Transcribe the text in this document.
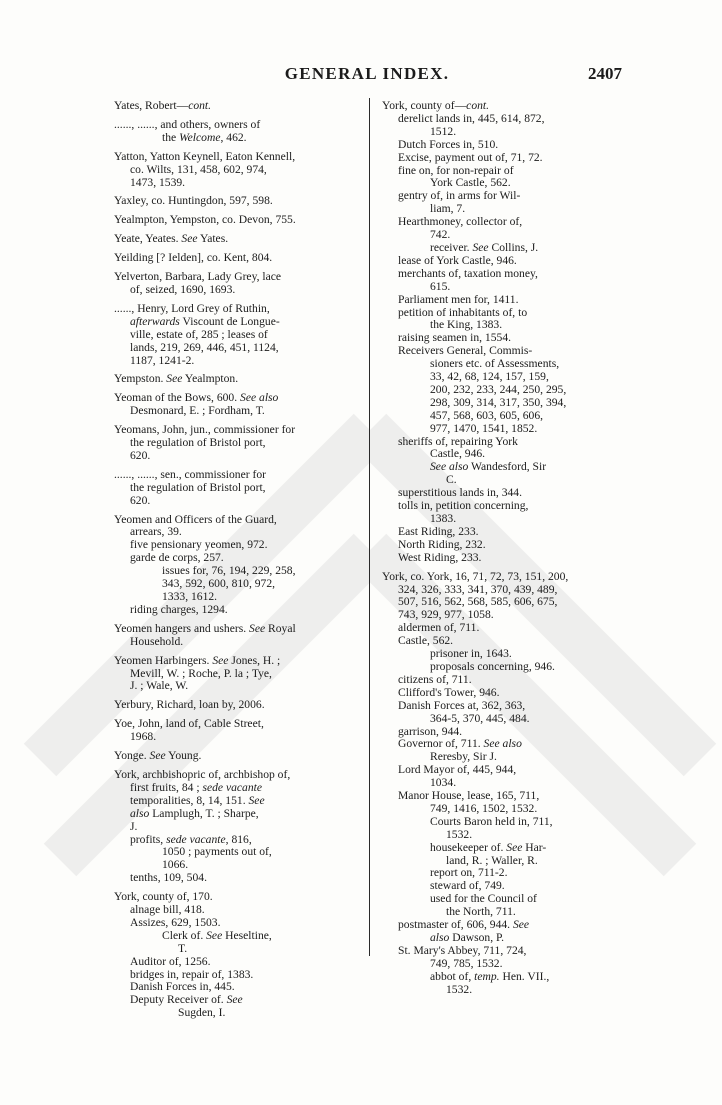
GENERAL INDEX.	2407
Yates, Robert—cont.
......, ......, and others, owners of
the Welcome, 462.
Yatton, Yatton Keynell, Eaton Kennell,
co. Wilts, 131, 458, 602, 974,
1473, 1539.
Yaxley, co. Huntingdon, 597, 598.
Yealmpton, Yempston, co. Devon, 755.
Yeate, Yeates. See Yates.
Yeilding [? Ielden], co. Kent, 804.
Yelverton, Barbara, Lady Grey, lace
of, seized, 1690, 1693.
......, Henry, Lord Grey of Ruthin,
afterwards Viscount de Longue-
ville, estate of, 285 ; leases of
lands, 219, 269, 446, 451, 1124,
1187, 1241-2.
Yempston. See Yealmpton.
Yeoman of the Bows, 600. See also
Desmonard, E. ; Fordham, T.
Yeomans, John, jun., commissioner for
the regulation of Bristol port,
620.
......, ......, sen., commissioner for
the regulation of Bristol port,
620.
Yeomen and Officers of the Guard,
arrears, 39.
five pensionary yeomen, 972.
garde de corps, 257.
issues for, 76, 194, 229, 258,
343, 592, 600, 810, 972,
1333, 1612.
riding charges, 1294.
Yeomen hangers and ushers. See Royal
Household.
Yeomen Harbingers. See Jones, H. ;
Mevill, W. ; Roche, P. la ; Tye,
J. ; Wale, W.
Yerbury, Richard, loan by, 2006.
Yoe, John, land of, Cable Street,
1968.
Yonge. See Young.
York, archbishopric of, archbishop of,
first fruits, 84 ; sede vacante
temporalities, 8, 14, 151. See
also Lamplugh, T. ; Sharpe,
J.
profits, sede vacante, 816,
1050 ; payments out of,
1066.
tenths, 109, 504.
York, county of, 170.
alnage bill, 418.
Assizes, 629, 1503.
Clerk of. See Heseltine,
T.
Auditor of, 1256.
bridges in, repair of, 1383.
Danish Forces in, 445.
Deputy Receiver of. See
Sugden, I.
York, county of—cont.
derelict lands in, 445, 614, 872,
1512.
Dutch Forces in, 510.
Excise, payment out of, 71, 72.
fine on, for non-repair of
York Castle, 562.
gentry of, in arms for Wil-
liam, 7.
Hearthmoney, collector of,
742.
receiver. See Collins, J.
lease of York Castle, 946.
merchants of, taxation money,
615.
Parliament men for, 1411.
petition of inhabitants of, to
the King, 1383.
raising seamen in, 1554.
Receivers General, Commis-
sioners etc. of Assessments,
33, 42, 68, 124, 157, 159,
200, 232, 233, 244, 250, 295,
298, 309, 314, 317, 350, 394,
457, 568, 603, 605, 606,
977, 1470, 1541, 1852.
sheriffs of, repairing York
Castle, 946.
See also Wandesford, Sir
C.
superstitious lands in, 344.
tolls in, petition concerning,
1383.
East Riding, 233.
North Riding, 232.
West Riding, 233.
York, co. York, 16, 71, 72, 73, 151, 200,
324, 326, 333, 341, 370, 439, 489,
507, 516, 562, 568, 585, 606, 675,
743, 929, 977, 1058.
aldermen of, 711.
Castle, 562.
prisoner in, 1643.
proposals concerning, 946.
citizens of, 711.
Clifford's Tower, 946.
Danish Forces at, 362, 363,
364-5, 370, 445, 484.
garrison, 944.
Governor of, 711. See also
Reresby, Sir J.
Lord Mayor of, 445, 944,
1034.
Manor House, lease, 165, 711,
749, 1416, 1502, 1532.
Courts Baron held in, 711,
1532.
housekeeper of. See Har-
land, R. ; Waller, R.
report on, 711-2.
steward of, 749.
used for the Council of
the North, 711.
postmaster of, 606, 944. See
also Dawson, P.
St. Mary's Abbey, 711, 724,
749, 785, 1532.
abbot of, temp. Hen. VII.,
1532.
